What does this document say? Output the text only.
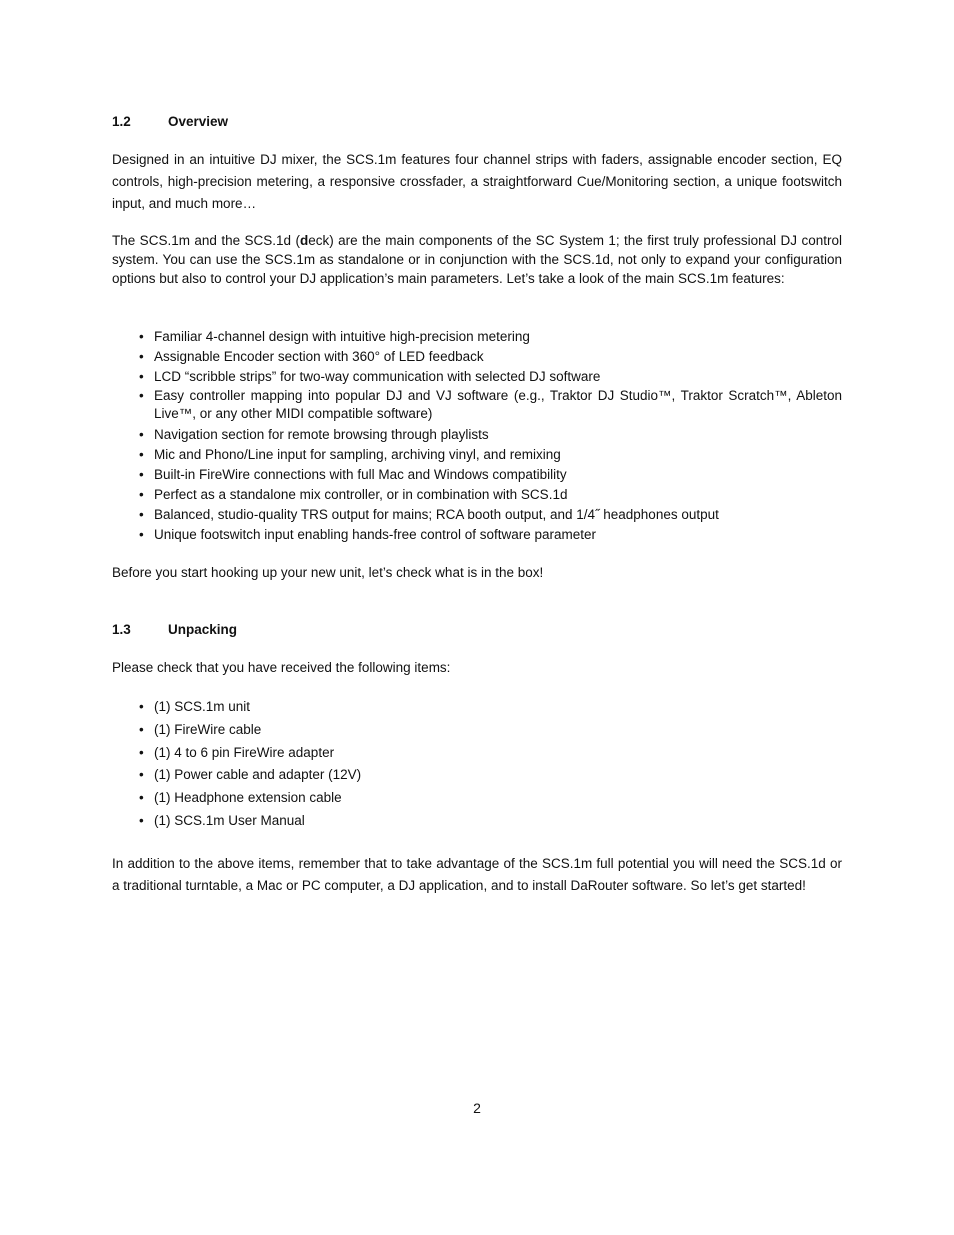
1.2	Overview

Designed in an intuitive DJ mixer, the SCS.1m features four channel strips with faders, assignable encoder section, EQ controls, high-precision metering, a responsive crossfader, a straightforward Cue/Monitoring section, a unique footswitch input, and much more…

The SCS.1m and the SCS.1d (deck) are the main components of the SC System 1; the first truly professional DJ control system. You can use the SCS.1m as standalone or in conjunction with the SCS.1d, not only to expand your configuration options but also to control your DJ application’s main parameters. Let’s take a look of the main SCS.1m features:

• Familiar 4-channel design with intuitive high-precision metering
• Assignable Encoder section with 360° of LED feedback
• LCD “scribble strips” for two-way communication with selected DJ software
• Easy controller mapping into popular DJ and VJ software (e.g., Traktor DJ Studio™, Traktor Scratch™, Ableton Live™, or any other MIDI compatible software)
• Navigation section for remote browsing through playlists
• Mic and Phono/Line input for sampling, archiving vinyl, and remixing
• Built-in FireWire connections with full Mac and Windows compatibility
• Perfect as a standalone mix controller, or in combination with SCS.1d
• Balanced, studio-quality TRS output for mains; RCA booth output, and 1/4˝ headphones output
• Unique footswitch input enabling hands-free control of software parameter

Before you start hooking up your new unit, let’s check what is in the box!

1.3	Unpacking

Please check that you have received the following items:

• (1) SCS.1m unit
• (1) FireWire cable
• (1) 4 to 6 pin FireWire adapter
• (1) Power cable and adapter (12V)
• (1) Headphone extension cable
• (1) SCS.1m User Manual

In addition to the above items, remember that to take advantage of the SCS.1m full potential you will need the SCS.1d or a traditional turntable, a Mac or PC computer, a DJ application, and to install DaRouter software. So let’s get started!

2
